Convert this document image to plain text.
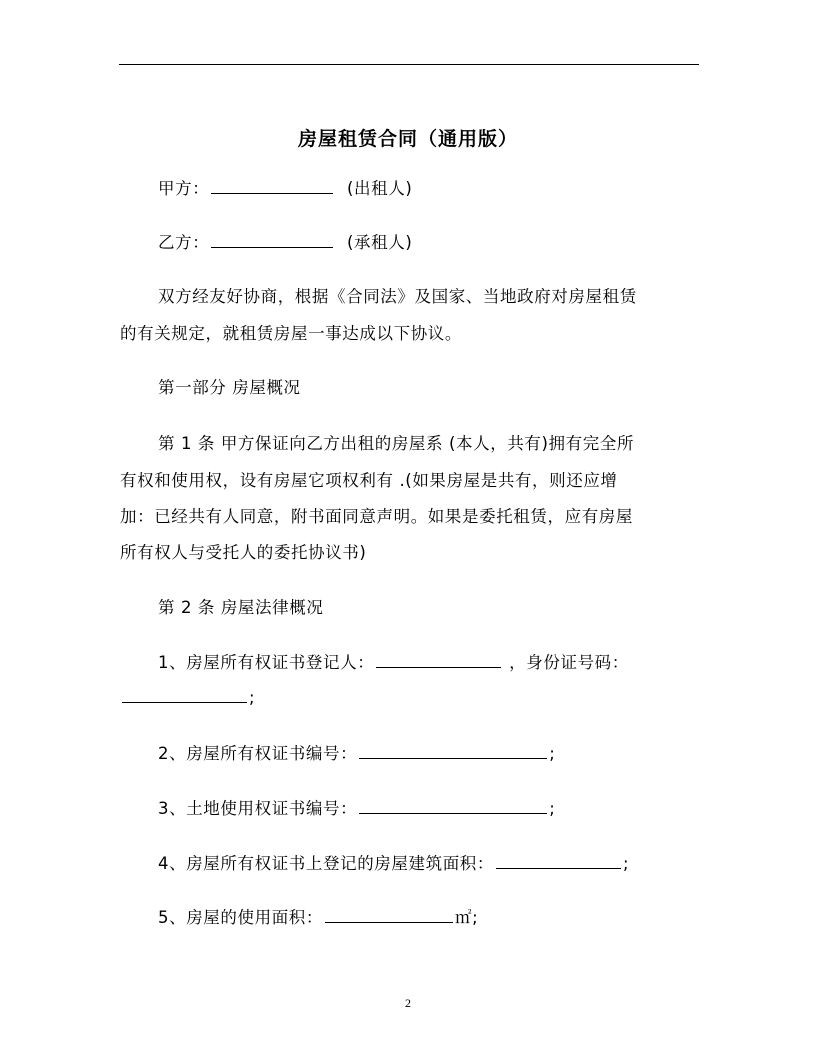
房屋租赁合同（通用版）
甲方：	(出租人)
乙方：	(承租人)
双方经友好协商，根据《合同法》及国家、当地政府对房屋租赁
的有关规定，就租赁房屋一事达成以下协议。
第一部分 房屋概况
第 1 条 甲方保证向乙方出租的房屋系 (本人，共有)拥有完全所
有权和使用权，设有房屋它项权利有 .(如果房屋是共有，则还应增
加：已经共有人同意，附书面同意声明。如果是委托租赁，应有房屋
所有权人与受托人的委托协议书)
第 2 条 房屋法律概况
1、房屋所有权证书登记人：	，身份证号码：
;
2、房屋所有权证书编号：	;
3、土地使用权证书编号：	;
4、房屋所有权证书上登记的房屋建筑面积：	;
5、房屋的使用面积：	㎡;
2
